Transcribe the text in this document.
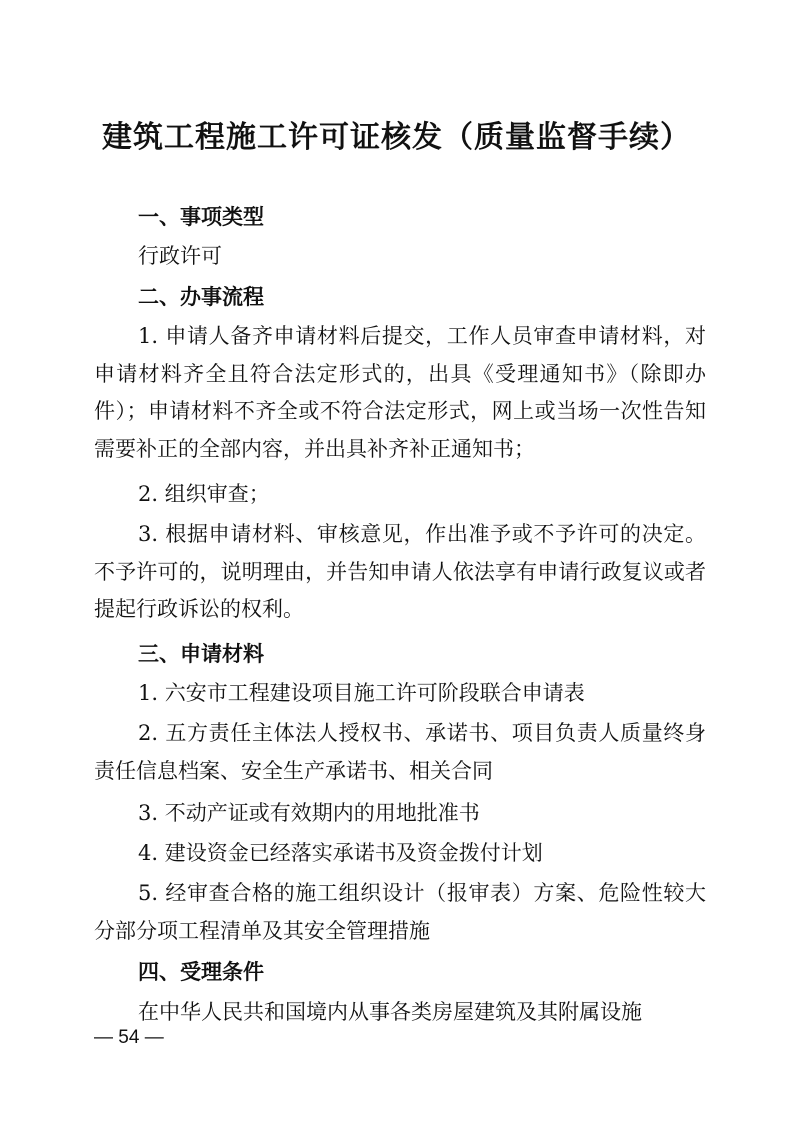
建筑工程施工许可证核发（质量监督手续）

一、事项类型

行政许可

二、办事流程

1. 申请人备齐申请材料后提交，工作人员审查申请材料，对申请材料齐全且符合法定形式的，出具《受理通知书》（除即办件）；申请材料不齐全或不符合法定形式，网上或当场一次性告知需要补正的全部内容，并出具补齐补正通知书；

2. 组织审查；

3. 根据申请材料、审核意见，作出准予或不予许可的决定。不予许可的，说明理由，并告知申请人依法享有申请行政复议或者提起行政诉讼的权利。

三、申请材料

1. 六安市工程建设项目施工许可阶段联合申请表

2. 五方责任主体法人授权书、承诺书、项目负责人质量终身责任信息档案、安全生产承诺书、相关合同

3. 不动产证或有效期内的用地批准书

4. 建设资金已经落实承诺书及资金拨付计划

5. 经审查合格的施工组织设计（报审表）方案、危险性较大分部分项工程清单及其安全管理措施

四、受理条件

在中华人民共和国境内从事各类房屋建筑及其附属设施

— 54 —
